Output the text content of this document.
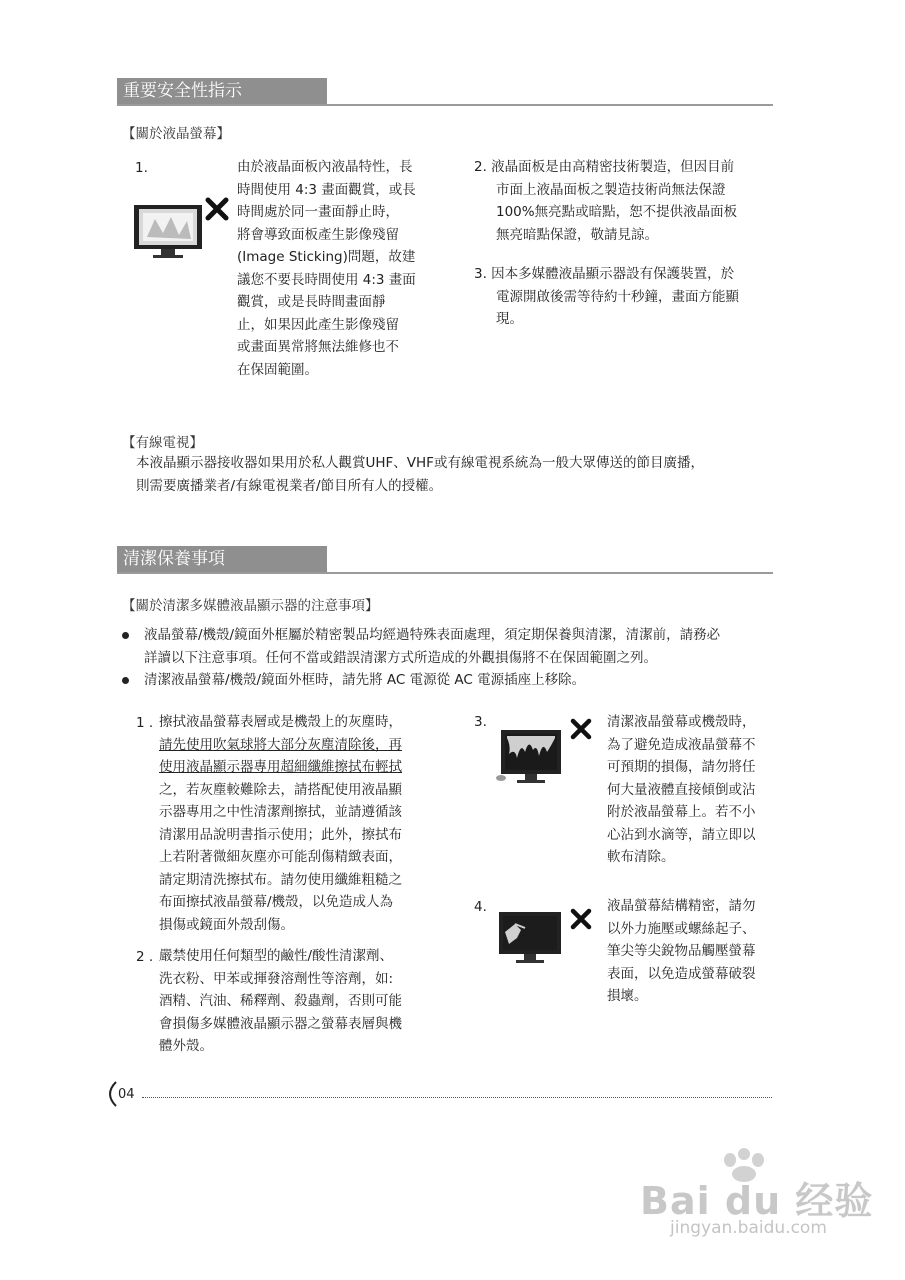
重要安全性指示
【關於液晶螢幕】
1.	由於液晶面板內液晶特性，長
時間使用 4:3 畫面觀賞，或長
時間處於同一畫面靜止時，
將會導致面板產生影像殘留
(Image Sticking)問題，故建
議您不要長時間使用 4:3 畫面
觀賞，或是長時間畫面靜
止，如果因此產生影像殘留
或畫面異常將無法維修也不
在保固範圍。
2. 液晶面板是由高精密技術製造，但因目前
市面上液晶面板之製造技術尚無法保證
100%無亮點或暗點，恕不提供液晶面板
無亮暗點保證，敬請見諒。
3. 因本多媒體液晶顯示器設有保護裝置，於
電源開啟後需等待約十秒鐘，畫面方能顯
現。
【有線電視】
本液晶顯示器接收器如果用於私人觀賞UHF、VHF或有線電視系統為一般大眾傳送的節目廣播，
則需要廣播業者/有線電視業者/節目所有人的授權。
清潔保養事項
【關於清潔多媒體液晶顯示器的注意事項】
液晶螢幕/機殼/鏡面外框屬於精密製品均經過特殊表面處理，須定期保養與清潔，清潔前，請務必
詳讀以下注意事項。任何不當或錯誤清潔方式所造成的外觀損傷將不在保固範圍之列。
清潔液晶螢幕/機殼/鏡面外框時，請先將 AC 電源從 AC 電源插座上移除。
1 . 擦拭液晶螢幕表層或是機殼上的灰塵時，
請先使用吹氣球將大部分灰塵清除後，再
使用液晶顯示器專用超細纖維擦拭布輕拭
之，若灰塵較難除去，請搭配使用液晶顯
示器專用之中性清潔劑擦拭，並請遵循該
清潔用品說明書指示使用；此外，擦拭布
上若附著微細灰塵亦可能刮傷精緻表面，
請定期清洗擦拭布。請勿使用纖維粗糙之
布面擦拭液晶螢幕/機殼，以免造成人為
損傷或鏡面外殼刮傷。
2 . 嚴禁使用任何類型的鹼性/酸性清潔劑、
洗衣粉、甲苯或揮發溶劑性等溶劑，如:
酒精、汽油、稀釋劑、殺蟲劑，否則可能
會損傷多媒體液晶顯示器之螢幕表層與機
體外殼。
3.	清潔液晶螢幕或機殼時，
為了避免造成液晶螢幕不
可預期的損傷，請勿將任
何大量液體直接傾倒或沾
附於液晶螢幕上。若不小
心沾到水滴等，請立即以
軟布清除。
4.	液晶螢幕結構精密，請勿
以外力施壓或螺絲起子、
筆尖等尖銳物品觸壓螢幕
表面，以免造成螢幕破裂
損壞。
04
Bai du 经验
jingyan.baidu.com
